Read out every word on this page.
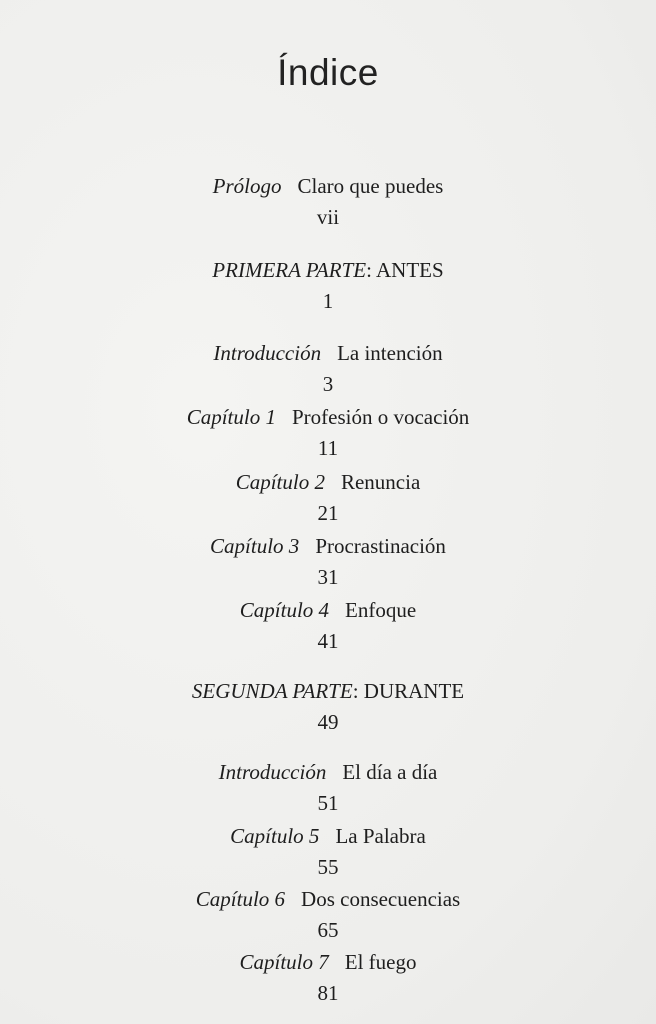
Índice
Prólogo Claro que puedes
vii
PRIMERA PARTE: ANTES
1
Introducción La intención
3
Capítulo 1 Profesión o vocación
11
Capítulo 2 Renuncia
21
Capítulo 3 Procrastinación
31
Capítulo 4 Enfoque
41
SEGUNDA PARTE: DURANTE
49
Introducción El día a día
51
Capítulo 5 La Palabra
55
Capítulo 6 Dos consecuencias
65
Capítulo 7 El fuego
81
